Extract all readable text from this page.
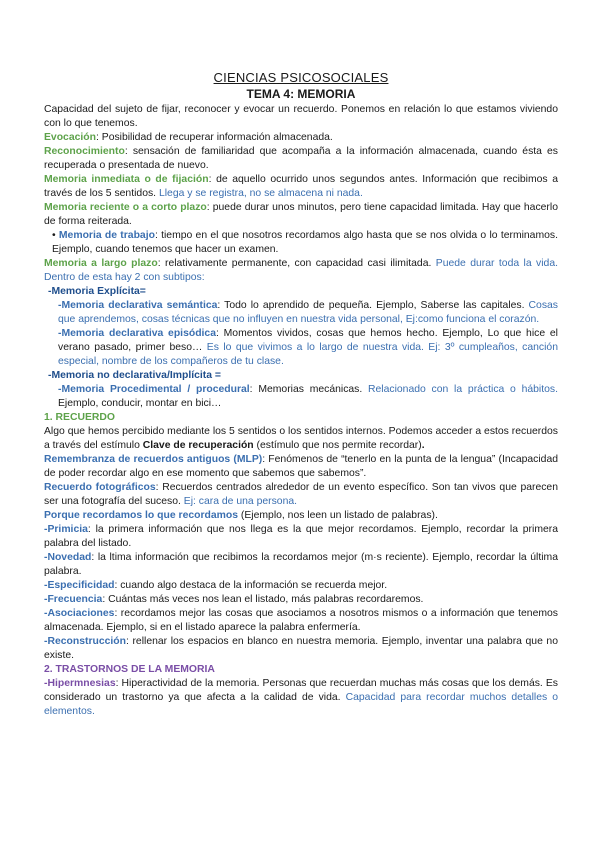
CIENCIAS PSICOSOCIALES
TEMA 4: MEMORIA

Capacidad del sujeto de fijar, reconocer y evocar un recuerdo. Ponemos en relación lo que estamos viviendo con lo que tenemos.

Evocación: Posibilidad de recuperar información almacenada.

Reconocimiento: sensación de familiaridad que acompaña a la información almacenada, cuando ésta es recuperada o presentada de nuevo.

Memoria inmediata o de fijación: de aquello ocurrido unos segundos antes. Información que recibimos a través de los 5 sentidos. Llega y se registra, no se almacena ni nada.

Memoria reciente o a corto plazo: puede durar unos minutos, pero tiene capacidad limitada. Hay que hacerlo de forma reiterada.

• Memoria de trabajo: tiempo en el que nosotros recordamos algo hasta que se nos olvida o lo terminamos. Ejemplo, cuando tenemos que hacer un examen.

Memoria a largo plazo: relativamente permanente, con capacidad casi ilimitada. Puede durar toda la vida. Dentro de esta hay 2 con subtipos:

-Memoria Explícita=

-Memoria declarativa semántica: Todo lo aprendido de pequeña. Ejemplo, Saberse las capitales. Cosas que aprendemos, cosas técnicas que no influyen en nuestra vida personal, Ej:como funciona el corazón.

-Memoria declarativa episódica: Momentos vividos, cosas que hemos hecho. Ejemplo, Lo que hice el verano pasado, primer beso… Es lo que vivimos a lo largo de nuestra vida. Ej: 3º cumpleaños, canción especial, nombre de los compañeros de tu clase.

-Memoria no declarativa/Implícita =

-Memoria Procedimental / procedural: Memorias mecánicas. Relacionado con la práctica o hábitos. Ejemplo, conducir, montar en bici…

1. RECUERDO

Algo que hemos percibido mediante los 5 sentidos o los sentidos internos. Podemos acceder a estos recuerdos a través del estímulo Clave de recuperación (estímulo que nos permite recordar).

Remembranza de recuerdos antiguos (MLP): Fenómenos de “tenerlo en la punta de la lengua” (Incapacidad de poder recordar algo en ese momento que sabemos que sabemos”.

Recuerdo fotográficos: Recuerdos centrados alrededor de un evento específico. Son tan vivos que parecen ser una fotografía del suceso. Ej: cara de una persona.

Porque recordamos lo que recordamos (Ejemplo, nos leen un listado de palabras).

-Primicia: la primera información que nos llega es la que mejor recordamos. Ejemplo, recordar la primera palabra del listado.

-Novedad: la ltima información que recibimos la recordamos mejor (m·s reciente). Ejemplo, recordar la última palabra.

-Especificidad: cuando algo destaca de la información se recuerda mejor.

-Frecuencia: Cuántas más veces nos lean el listado, más palabras recordaremos.

-Asociaciones: recordamos mejor las cosas que asociamos a nosotros mismos o a información que tenemos almacenada. Ejemplo, si en el listado aparece la palabra enfermería.

-Reconstrucción: rellenar los espacios en blanco en nuestra memoria. Ejemplo, inventar una palabra que no existe.

2. TRASTORNOS DE LA MEMORIA

-Hipermnesias: Hiperactividad de la memoria. Personas que recuerdan muchas más cosas que los demás. Es considerado un trastorno ya que afecta a la calidad de vida. Capacidad para recordar muchos detalles o elementos.
